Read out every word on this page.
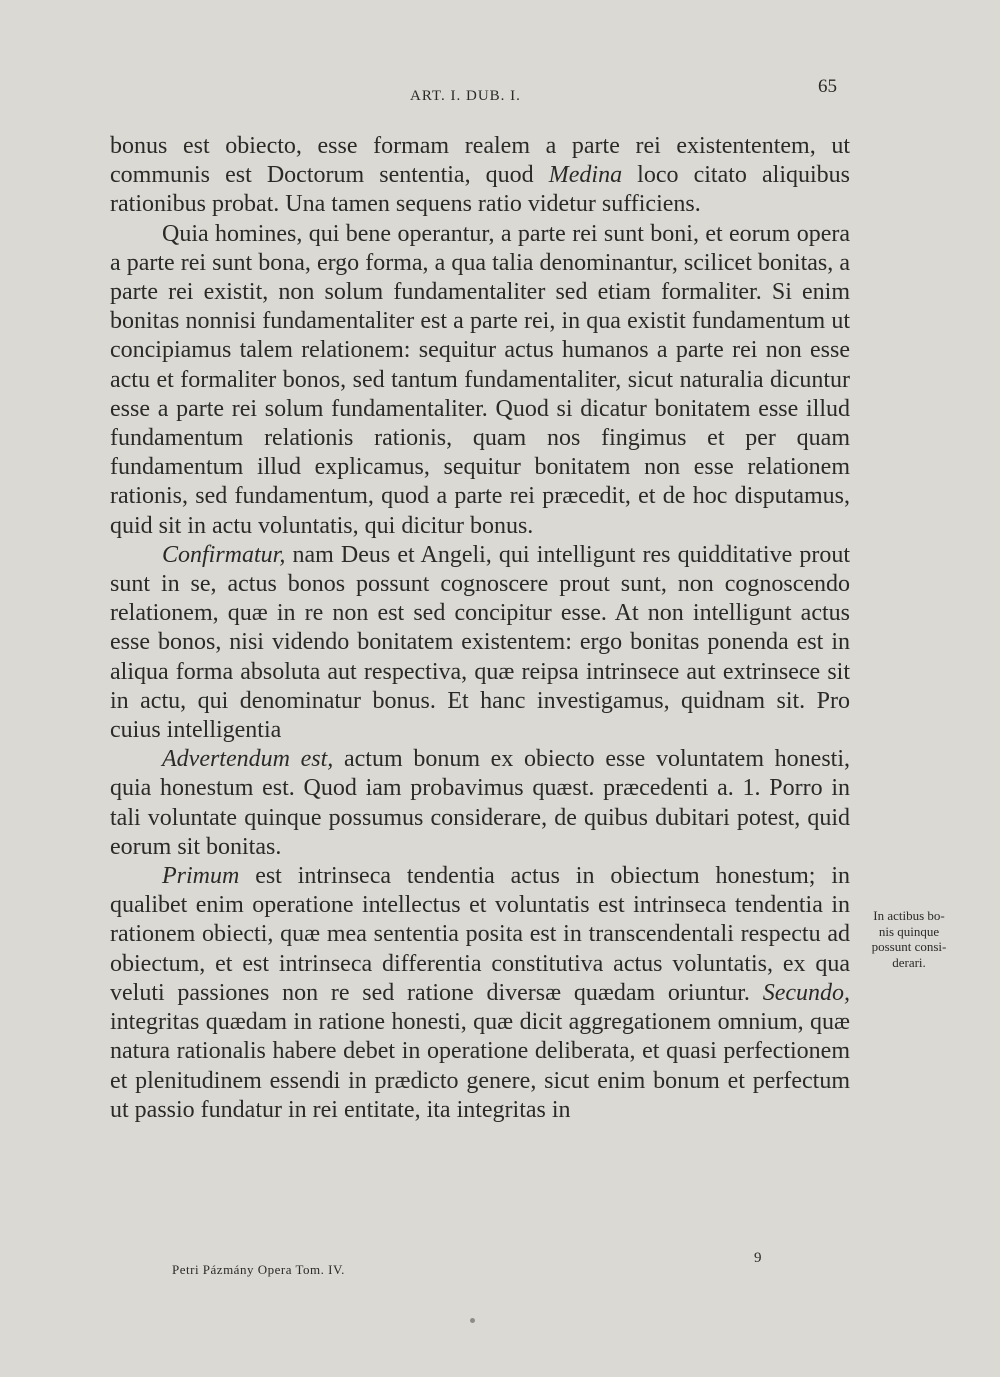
ART. I. DUB. I.	65

bonus est obiecto, esse formam realem a parte rei existententem, ut communis est Doctorum sententia, quod Medina loco citato aliquibus rationibus probat. Una tamen sequens ratio videtur sufficiens.

Quia homines, qui bene operantur, a parte rei sunt boni, et eorum opera a parte rei sunt bona, ergo forma, a qua talia denominantur, scilicet bonitas, a parte rei existit, non solum fundamentaliter sed etiam formaliter. Si enim bonitas nonnisi fundamentaliter est a parte rei, in qua existit fundamentum ut concipiamus talem relationem: sequitur actus humanos a parte rei non esse actu et formaliter bonos, sed tantum fundamentaliter, sicut naturalia dicuntur esse a parte rei solum fundamentaliter. Quod si dicatur bonitatem esse illud fundamentum relationis rationis, quam nos fingimus et per quam fundamentum illud explicamus, sequitur bonitatem non esse relationem rationis, sed fundamentum, quod a parte rei præcedit, et de hoc disputamus, quid sit in actu voluntatis, qui dicitur bonus.

Confirmatur, nam Deus et Angeli, qui intelligunt res quidditative prout sunt in se, actus bonos possunt cognoscere prout sunt, non cognoscendo relationem, quæ in re non est sed concipitur esse. At non intelligunt actus esse bonos, nisi videndo bonitatem existentem: ergo bonitas ponenda est in aliqua forma absoluta aut respectiva, quæ reipsa intrinsece aut extrinsece sit in actu, qui denominatur bonus. Et hanc investigamus, quidnam sit. Pro cuius intelligentia

Advertendum est, actum bonum ex obiecto esse voluntatem honesti, quia honestum est. Quod iam probavimus quæst. præcedenti a. 1. Porro in tali voluntate quinque possumus considerare, de quibus dubitari potest, quid eorum sit bonitas.

Primum est intrinseca tendentia actus in obiectum honestum; in qualibet enim operatione intellectus et voluntatis est intrinseca tendentia in rationem obiecti, quæ mea sententia posita est in transcendentali respectu ad obiectum, et est intrinseca differentia constitutiva actus voluntatis, ex qua veluti passiones non re sed ratione diversæ quædam oriuntur. Secundo, integritas quædam in ratione honesti, quæ dicit aggregationem omnium, quæ natura rationalis habere debet in operatione deliberata, et quasi perfectionem et plenitudinem essendi in prædicto genere, sicut enim bonum et perfectum ut passio fundatur in rei entitate, ita integritas in

In actibus bo-
nis quinque
possunt consi-
derari.
Petri Pázmány Opera Tom. IV.
9
